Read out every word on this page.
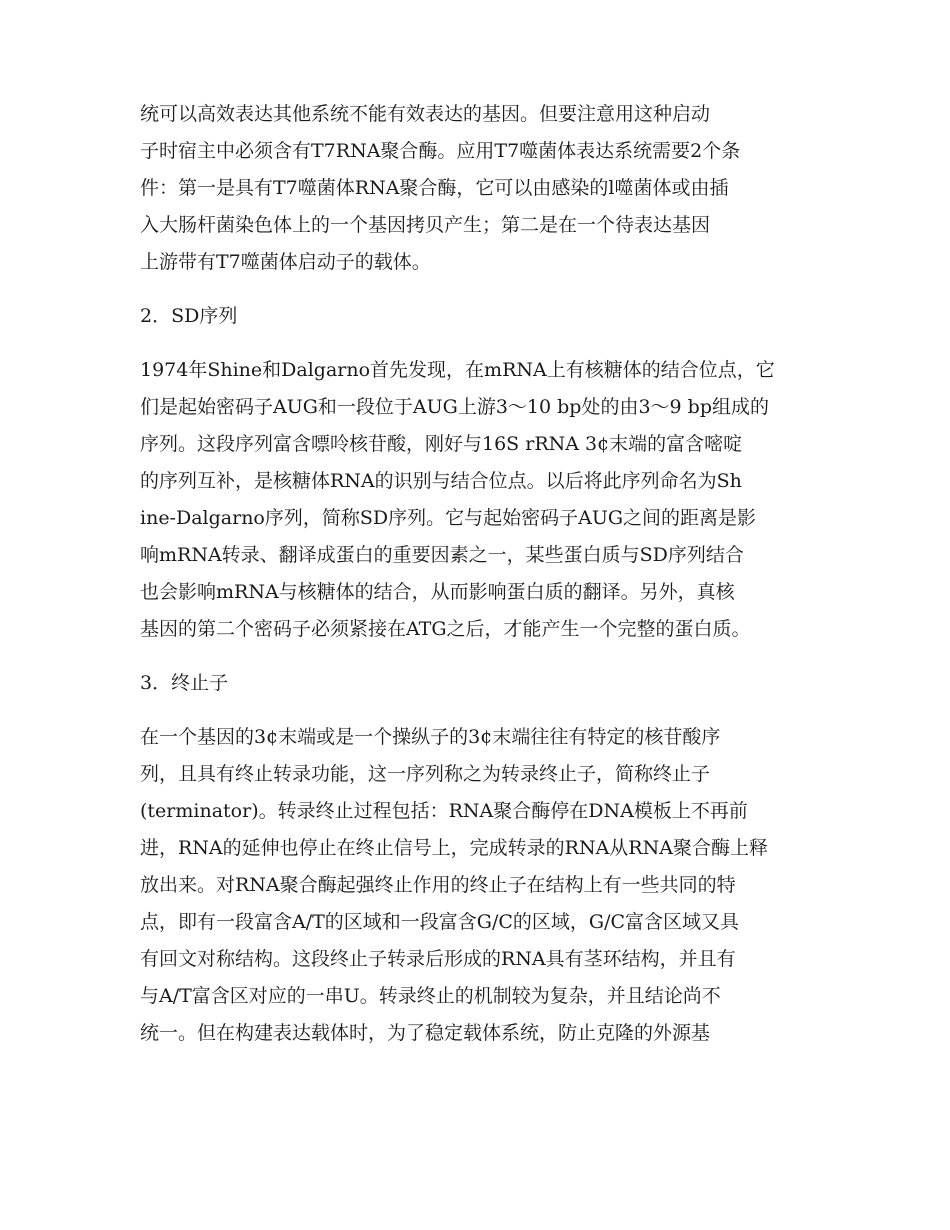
统可以高效表达其他系统不能有效表达的基因。但要注意用这种启动
子时宿主中必须含有T7RNA聚合酶。应用T7噬菌体表达系统需要2个条
件：第一是具有T7噬菌体RNA聚合酶，它可以由感染的l噬菌体或由插
入大肠杆菌染色体上的一个基因拷贝产生；第二是在一个待表达基因
上游带有T7噬菌体启动子的载体。
2．SD序列
1974年Shine和Dalgarno首先发现，在mRNA上有核糖体的结合位点，它
们是起始密码子AUG和一段位于AUG上游3～10 bp处的由3～9 bp组成的
序列。这段序列富含嘌呤核苷酸，刚好与16S rRNA 3¢末端的富含嘧啶
的序列互补，是核糖体RNA的识别与结合位点。以后将此序列命名为Sh
ine-Dalgarno序列，简称SD序列。它与起始密码子AUG之间的距离是影
响mRNA转录、翻译成蛋白的重要因素之一，某些蛋白质与SD序列结合
也会影响mRNA与核糖体的结合，从而影响蛋白质的翻译。另外，真核
基因的第二个密码子必须紧接在ATG之后，才能产生一个完整的蛋白质。
3．终止子
在一个基因的3¢末端或是一个操纵子的3¢末端往往有特定的核苷酸序
列，且具有终止转录功能，这一序列称之为转录终止子，简称终止子
(terminator)。转录终止过程包括：RNA聚合酶停在DNA模板上不再前
进，RNA的延伸也停止在终止信号上，完成转录的RNA从RNA聚合酶上释
放出来。对RNA聚合酶起强终止作用的终止子在结构上有一些共同的特
点，即有一段富含A/T的区域和一段富含G/C的区域，G/C富含区域又具
有回文对称结构。这段终止子转录后形成的RNA具有茎环结构，并且有
与A/T富含区对应的一串U。转录终止的机制较为复杂，并且结论尚不
统一。但在构建表达载体时，为了稳定载体系统，防止克隆的外源基
